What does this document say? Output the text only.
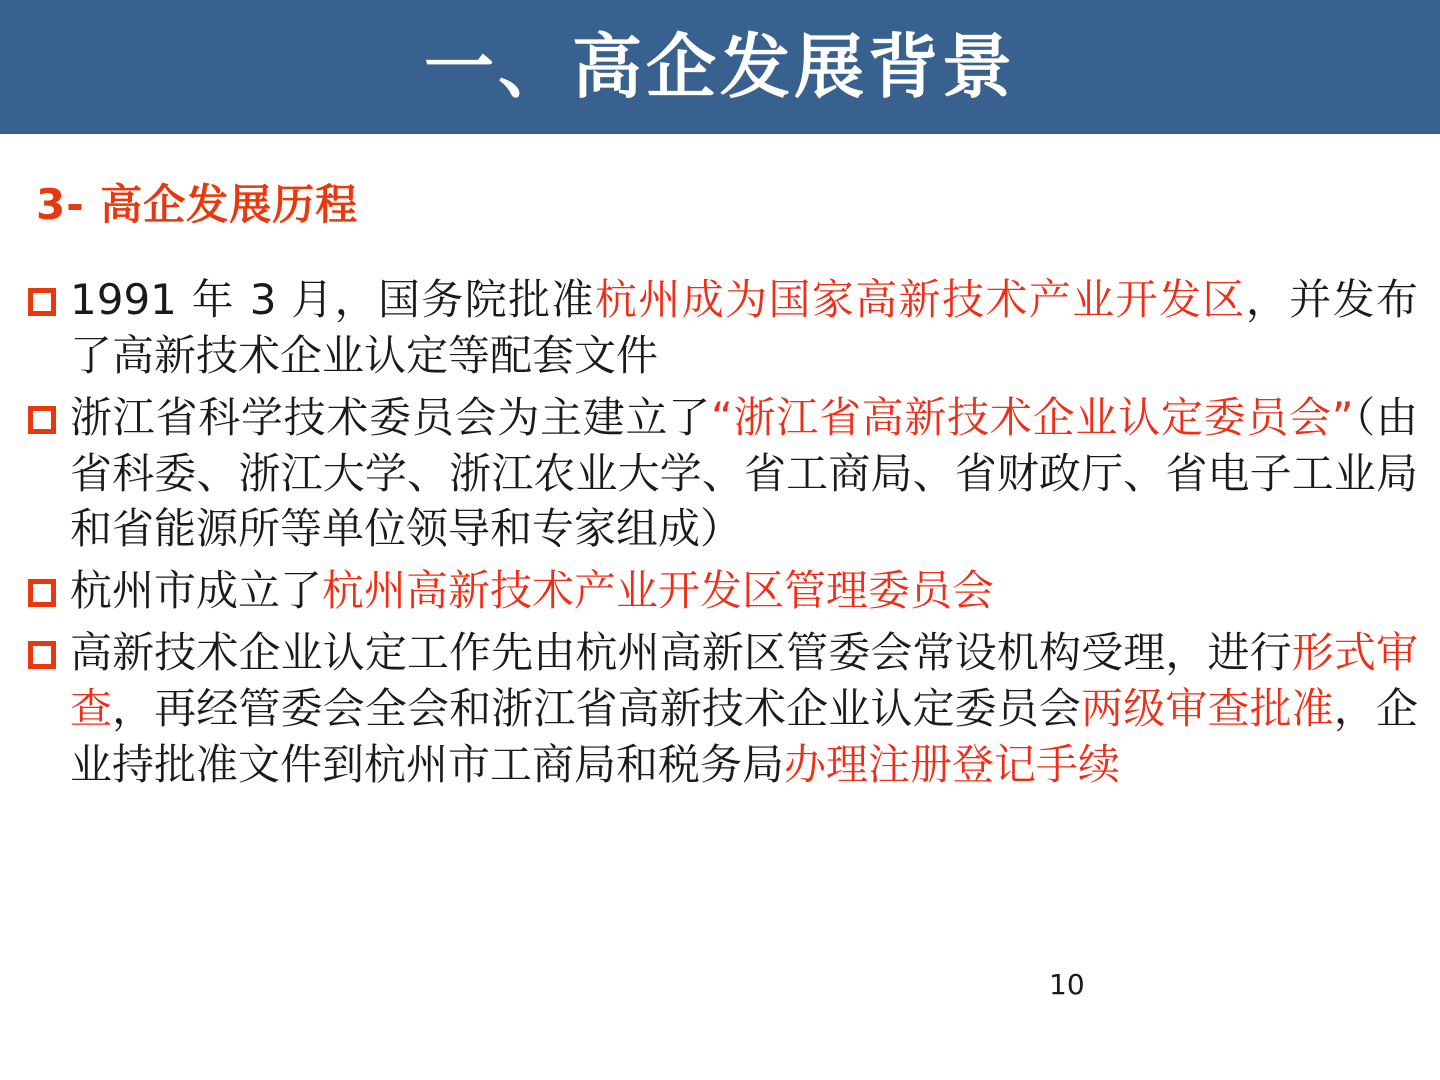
一、高企发展背景
3- 高企发展历程
1991 年 3 月，国务院批准杭州成为国家高新技术产业开发区，并发布了高新技术企业认定等配套文件
浙江省科学技术委员会为主建立了“浙江省高新技术企业认定委员会”（由省科委、浙江大学、浙江农业大学、省工商局、省财政厅、省电子工业局和省能源所等单位领导和专家组成）
杭州市成立了杭州高新技术产业开发区管理委员会
高新技术企业认定工作先由杭州高新区管委会常设机构受理，进行形式审查，再经管委会全会和浙江省高新技术企业认定委员会两级审查批准，企业持批准文件到杭州市工商局和税务局办理注册登记手续
10
